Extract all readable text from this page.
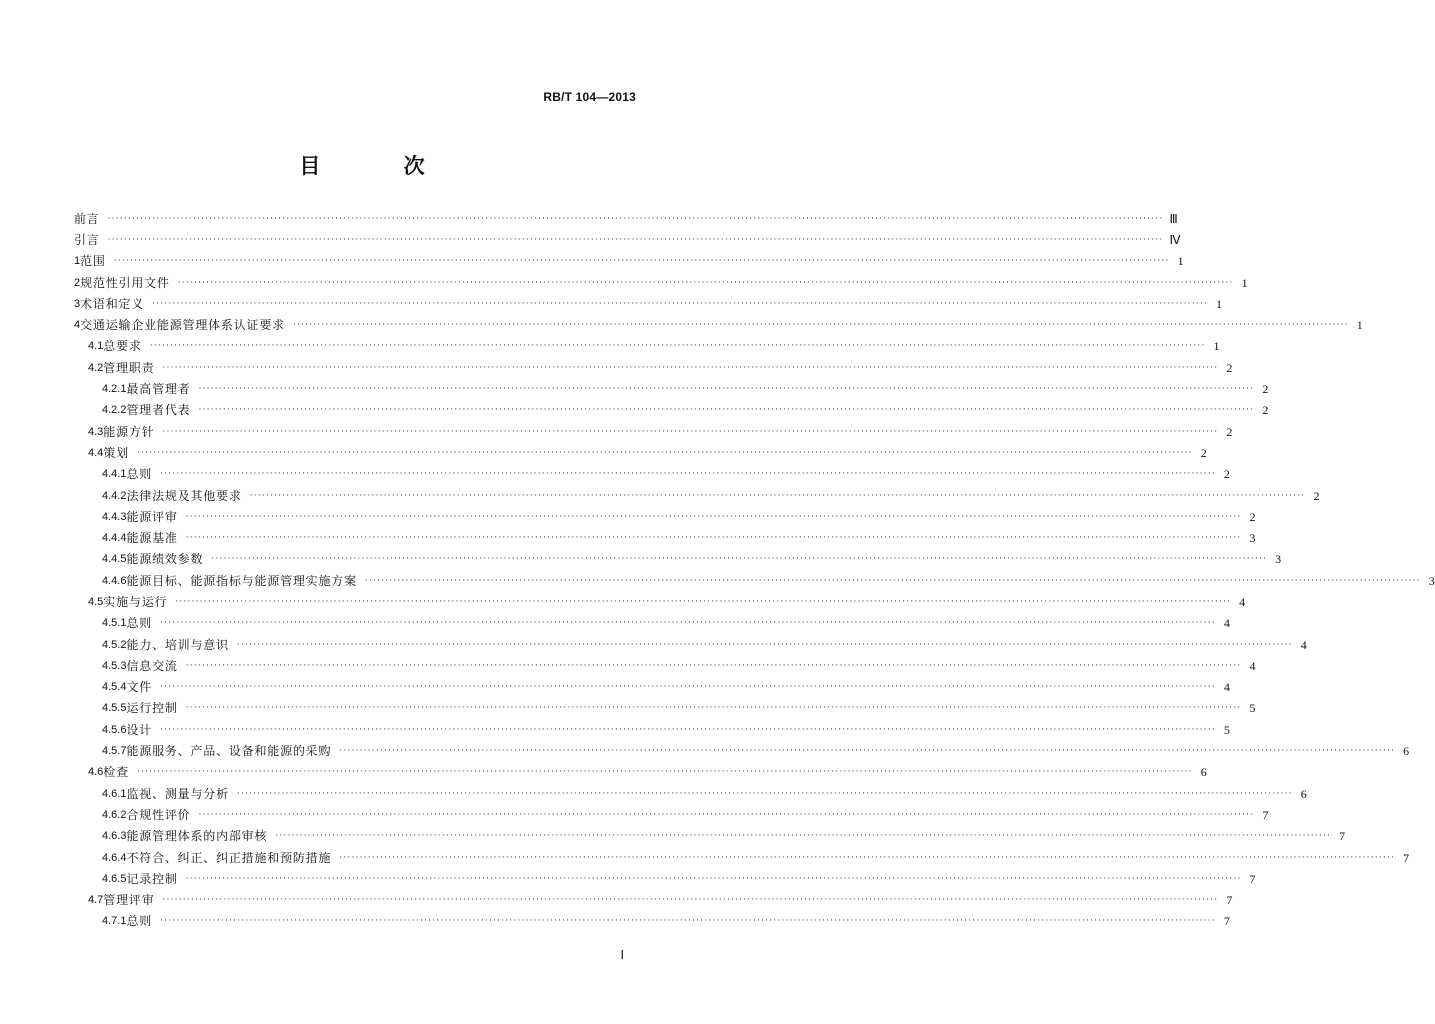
RB/T 104—2013
目 次
前言 ···································································································································································································································································· Ⅲ
引言 ···································································································································································································································································· Ⅳ
1 范围 ···································································································································································································································································· 1
2 规范性引用文件 ···································································································································································································································································· 1
3 术语和定义 ···································································································································································································································································· 1
4 交通运输企业能源管理体系认证要求 ···································································································································································································································································· 1
4.1 总要求 ···································································································································································································································································· 1
4.2 管理职责 ···································································································································································································································································· 2
4.2.1 最高管理者 ···································································································································································································································································· 2
4.2.2 管理者代表 ···································································································································································································································································· 2
4.3 能源方针 ···································································································································································································································································· 2
4.4 策划 ···································································································································································································································································· 2
4.4.1 总则 ···································································································································································································································································· 2
4.4.2 法律法规及其他要求 ···································································································································································································································································· 2
4.4.3 能源评审 ···································································································································································································································································· 2
4.4.4 能源基准 ···································································································································································································································································· 3
4.4.5 能源绩效参数 ···································································································································································································································································· 3
4.4.6 能源目标、能源指标与能源管理实施方案 ···································································································································································································································································· 3
4.5 实施与运行 ···································································································································································································································································· 4
4.5.1 总则 ···································································································································································································································································· 4
4.5.2 能力、培训与意识 ···································································································································································································································································· 4
4.5.3 信息交流 ···································································································································································································································································· 4
4.5.4 文件 ···································································································································································································································································· 4
4.5.5 运行控制 ···································································································································································································································································· 5
4.5.6 设计 ···································································································································································································································································· 5
4.5.7 能源服务、产品、设备和能源的采购 ···································································································································································································································································· 6
4.6 检查 ···································································································································································································································································· 6
4.6.1 监视、测量与分析 ···································································································································································································································································· 6
4.6.2 合规性评价 ···································································································································································································································································· 7
4.6.3 能源管理体系的内部审核 ···································································································································································································································································· 7
4.6.4 不符合、纠正、纠正措施和预防措施 ···································································································································································································································································· 7
4.6.5 记录控制 ···································································································································································································································································· 7
4.7 管理评审 ···································································································································································································································································· 7
4.7.1 总则 ···································································································································································································································································· 7
Ⅰ
